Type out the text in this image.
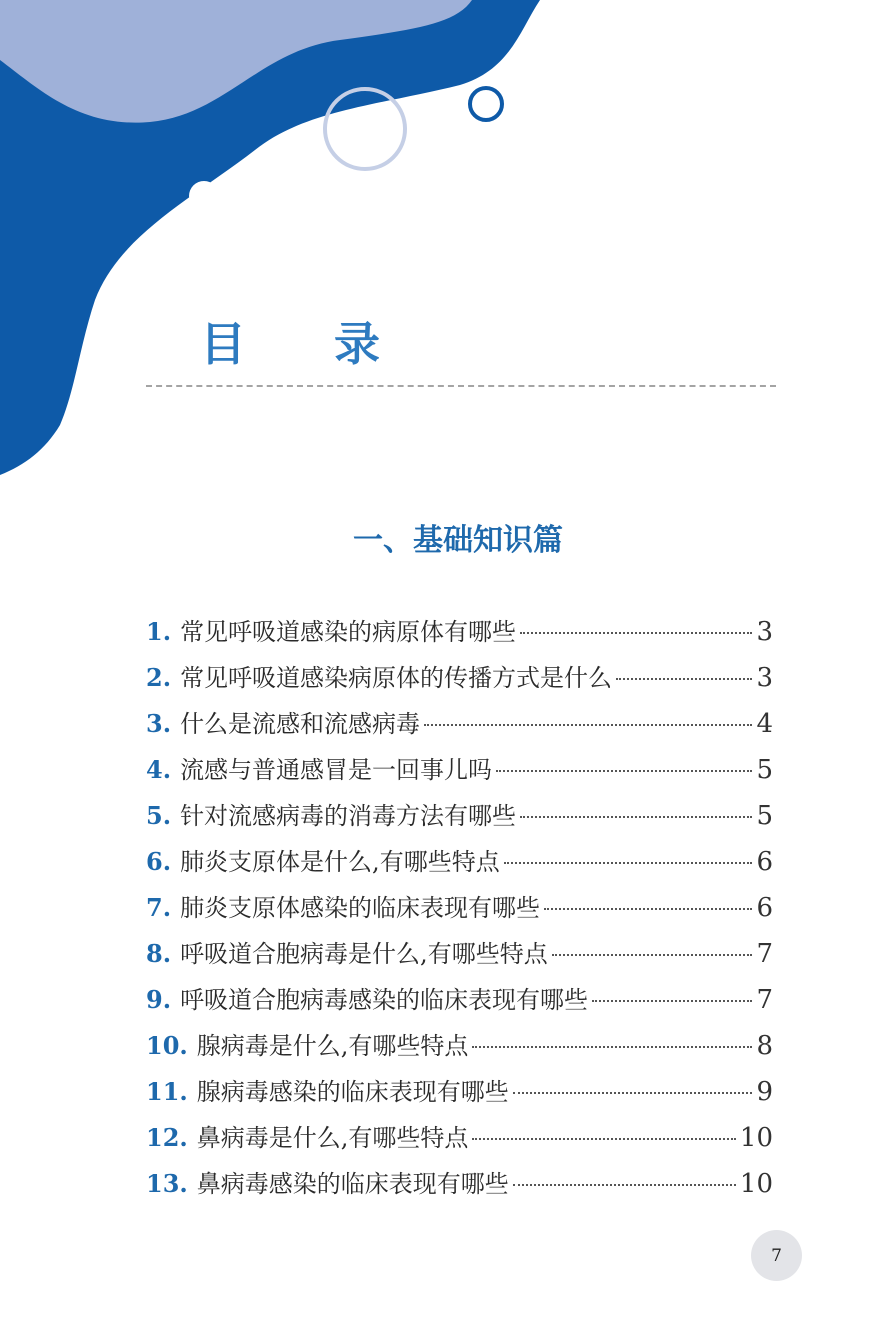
目 录
一、基础知识篇
1. 常见呼吸道感染的病原体有哪些	3
2. 常见呼吸道感染病原体的传播方式是什么	3
3. 什么是流感和流感病毒	4
4. 流感与普通感冒是一回事儿吗	5
5. 针对流感病毒的消毒方法有哪些	5
6. 肺炎支原体是什么,有哪些特点	6
7. 肺炎支原体感染的临床表现有哪些	6
8. 呼吸道合胞病毒是什么,有哪些特点	7
9. 呼吸道合胞病毒感染的临床表现有哪些	7
10. 腺病毒是什么,有哪些特点	8
11. 腺病毒感染的临床表现有哪些	9
12. 鼻病毒是什么,有哪些特点	10
13. 鼻病毒感染的临床表现有哪些	10
7
